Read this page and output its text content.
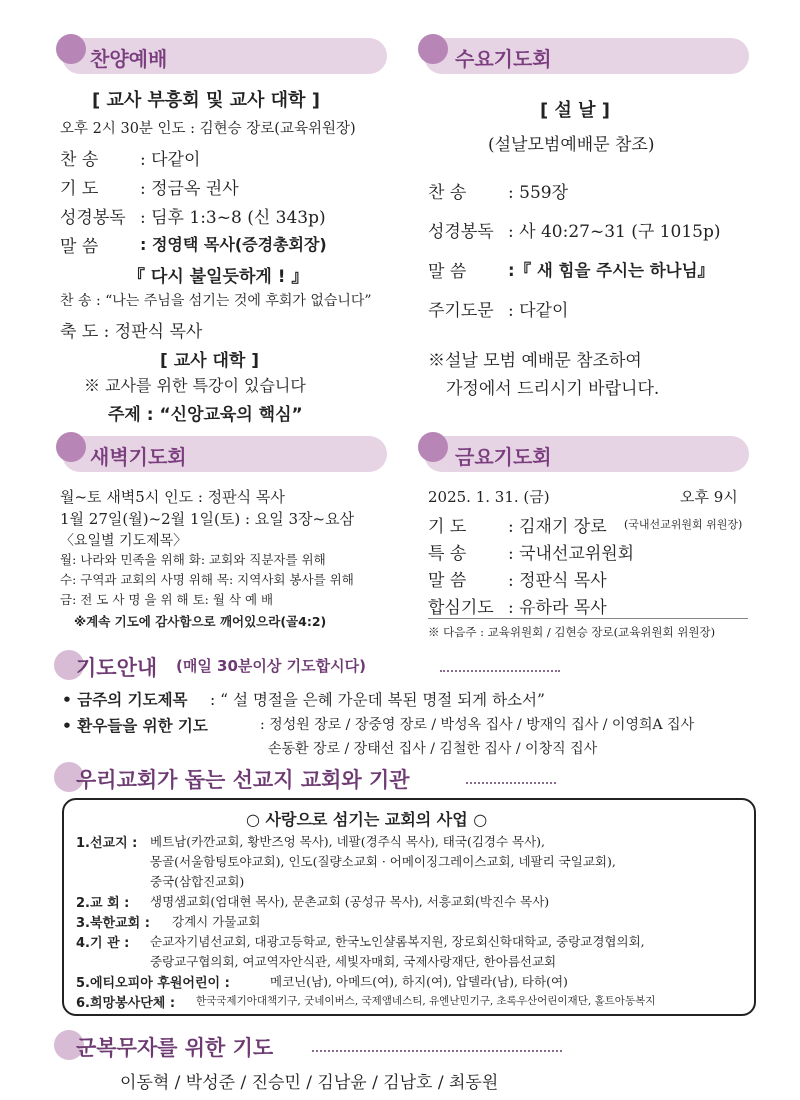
찬양예배	수요기도회
새벽기도회	금요기도회
[ 교사 부흥회 및 교사 대학 ]
오후 2시 30분 인도 : 김현승 장로(교육위원장)
찬 송 : 다같이
기 도 : 정금옥 권사
성경봉독 : 딤후 1:3~8 (신 343p)
말 씀	: 정영택 목사(증경총회장)
『 다시 불일듯하게 ! 』
찬 송 : “나는 주님을 섬기는 것에 후회가 없습니다”
축 도 : 정판식 목사
[ 교사 대학 ]
※ 교사를 위한 특강이 있습니다
주제 : “신앙교육의 핵심”
[ 설 날 ]
(설날모범예배문 참조)
찬 송 : 559장
성경봉독 : 사 40:27~31 (구 1015p)
말 씀	:『 새 힘을 주시는 하나님』
주기도문 : 다같이
※설날 모범 예배문 참조하여
가정에서 드리시기 바랍니다.
월~토 새벽5시 인도 : 정판식 목사
1월 27일(월)~2월 1일(토) : 요일 3장~요삼
〈요일별 기도제목〉
월: 나라와 민족을 위해 화: 교회와 직분자를 위해
수: 구역과 교회의 사명 위해 목: 지역사회 봉사를 위해
금: 전 도 사 명 을 위 해 토: 월 삭 예 배
※계속 기도에 감사함으로 깨어있으라(골4:2)
2025. 1. 31. (금)	오후 9시
기 도 : 김재기 장로 (국내선교위원회 위원장)
특 송 : 국내선교위원회
말 씀 : 정판식 목사
합심기도 : 유하라 목사
※ 다음주 : 교육위원회 / 김현승 장로(교육위원회 위원장)
기도안내 (매일 30분이상 기도합시다)
• 금주의 기도제목 : “ 설 명절을 은혜 가운데 복된 명절 되게 하소서”
• 환우들을 위한 기도	: 정성원 장로 / 장중영 장로 / 박성옥 집사 / 방재익 집사 / 이영희A 집사
손동환 장로 / 장태선 집사 / 김철한 집사 / 이창직 집사
우리교회가 돕는 선교지 교회와 기관
○ 사랑으로 섬기는 교회의 사업 ○
1.선교지 : 베트남(카깐교회, 황반즈엉 목사), 네팔(경주식 목사), 태국(김경수 목사),
몽골(서울함팅토야교회), 인도(질량소교회 · 어메이징그레이스교회, 네팔리 국일교회),
중국(삼합진교회)
2.교 회 : 생명샘교회(엄대현 목사), 문촌교회 (공성규 목사), 서흥교회(박진수 목사)
3.북한교회 : 강계시 가물교회
4.기 관 : 순교자기념선교회, 대광고등학교, 한국노인샬롬복지원, 장로회신학대학교, 중랑교경협의회,
중랑교구협의회, 여교역자안식관, 세빛자매회, 국제사랑재단, 한아름선교회
5.에티오피아 후원어린이 :	메코닌(남), 아메드(여), 하지(여), 압델라(남), 타하(여)
6.희망봉사단체 : 한국국제기아대책기구, 굿네이버스, 국제앰네스티, 유엔난민기구, 초록우산어린이재단, 홀트아동복지
군복무자를 위한 기도
이동혁 / 박성준 / 진승민 / 김남윤 / 김남호 / 최동원
